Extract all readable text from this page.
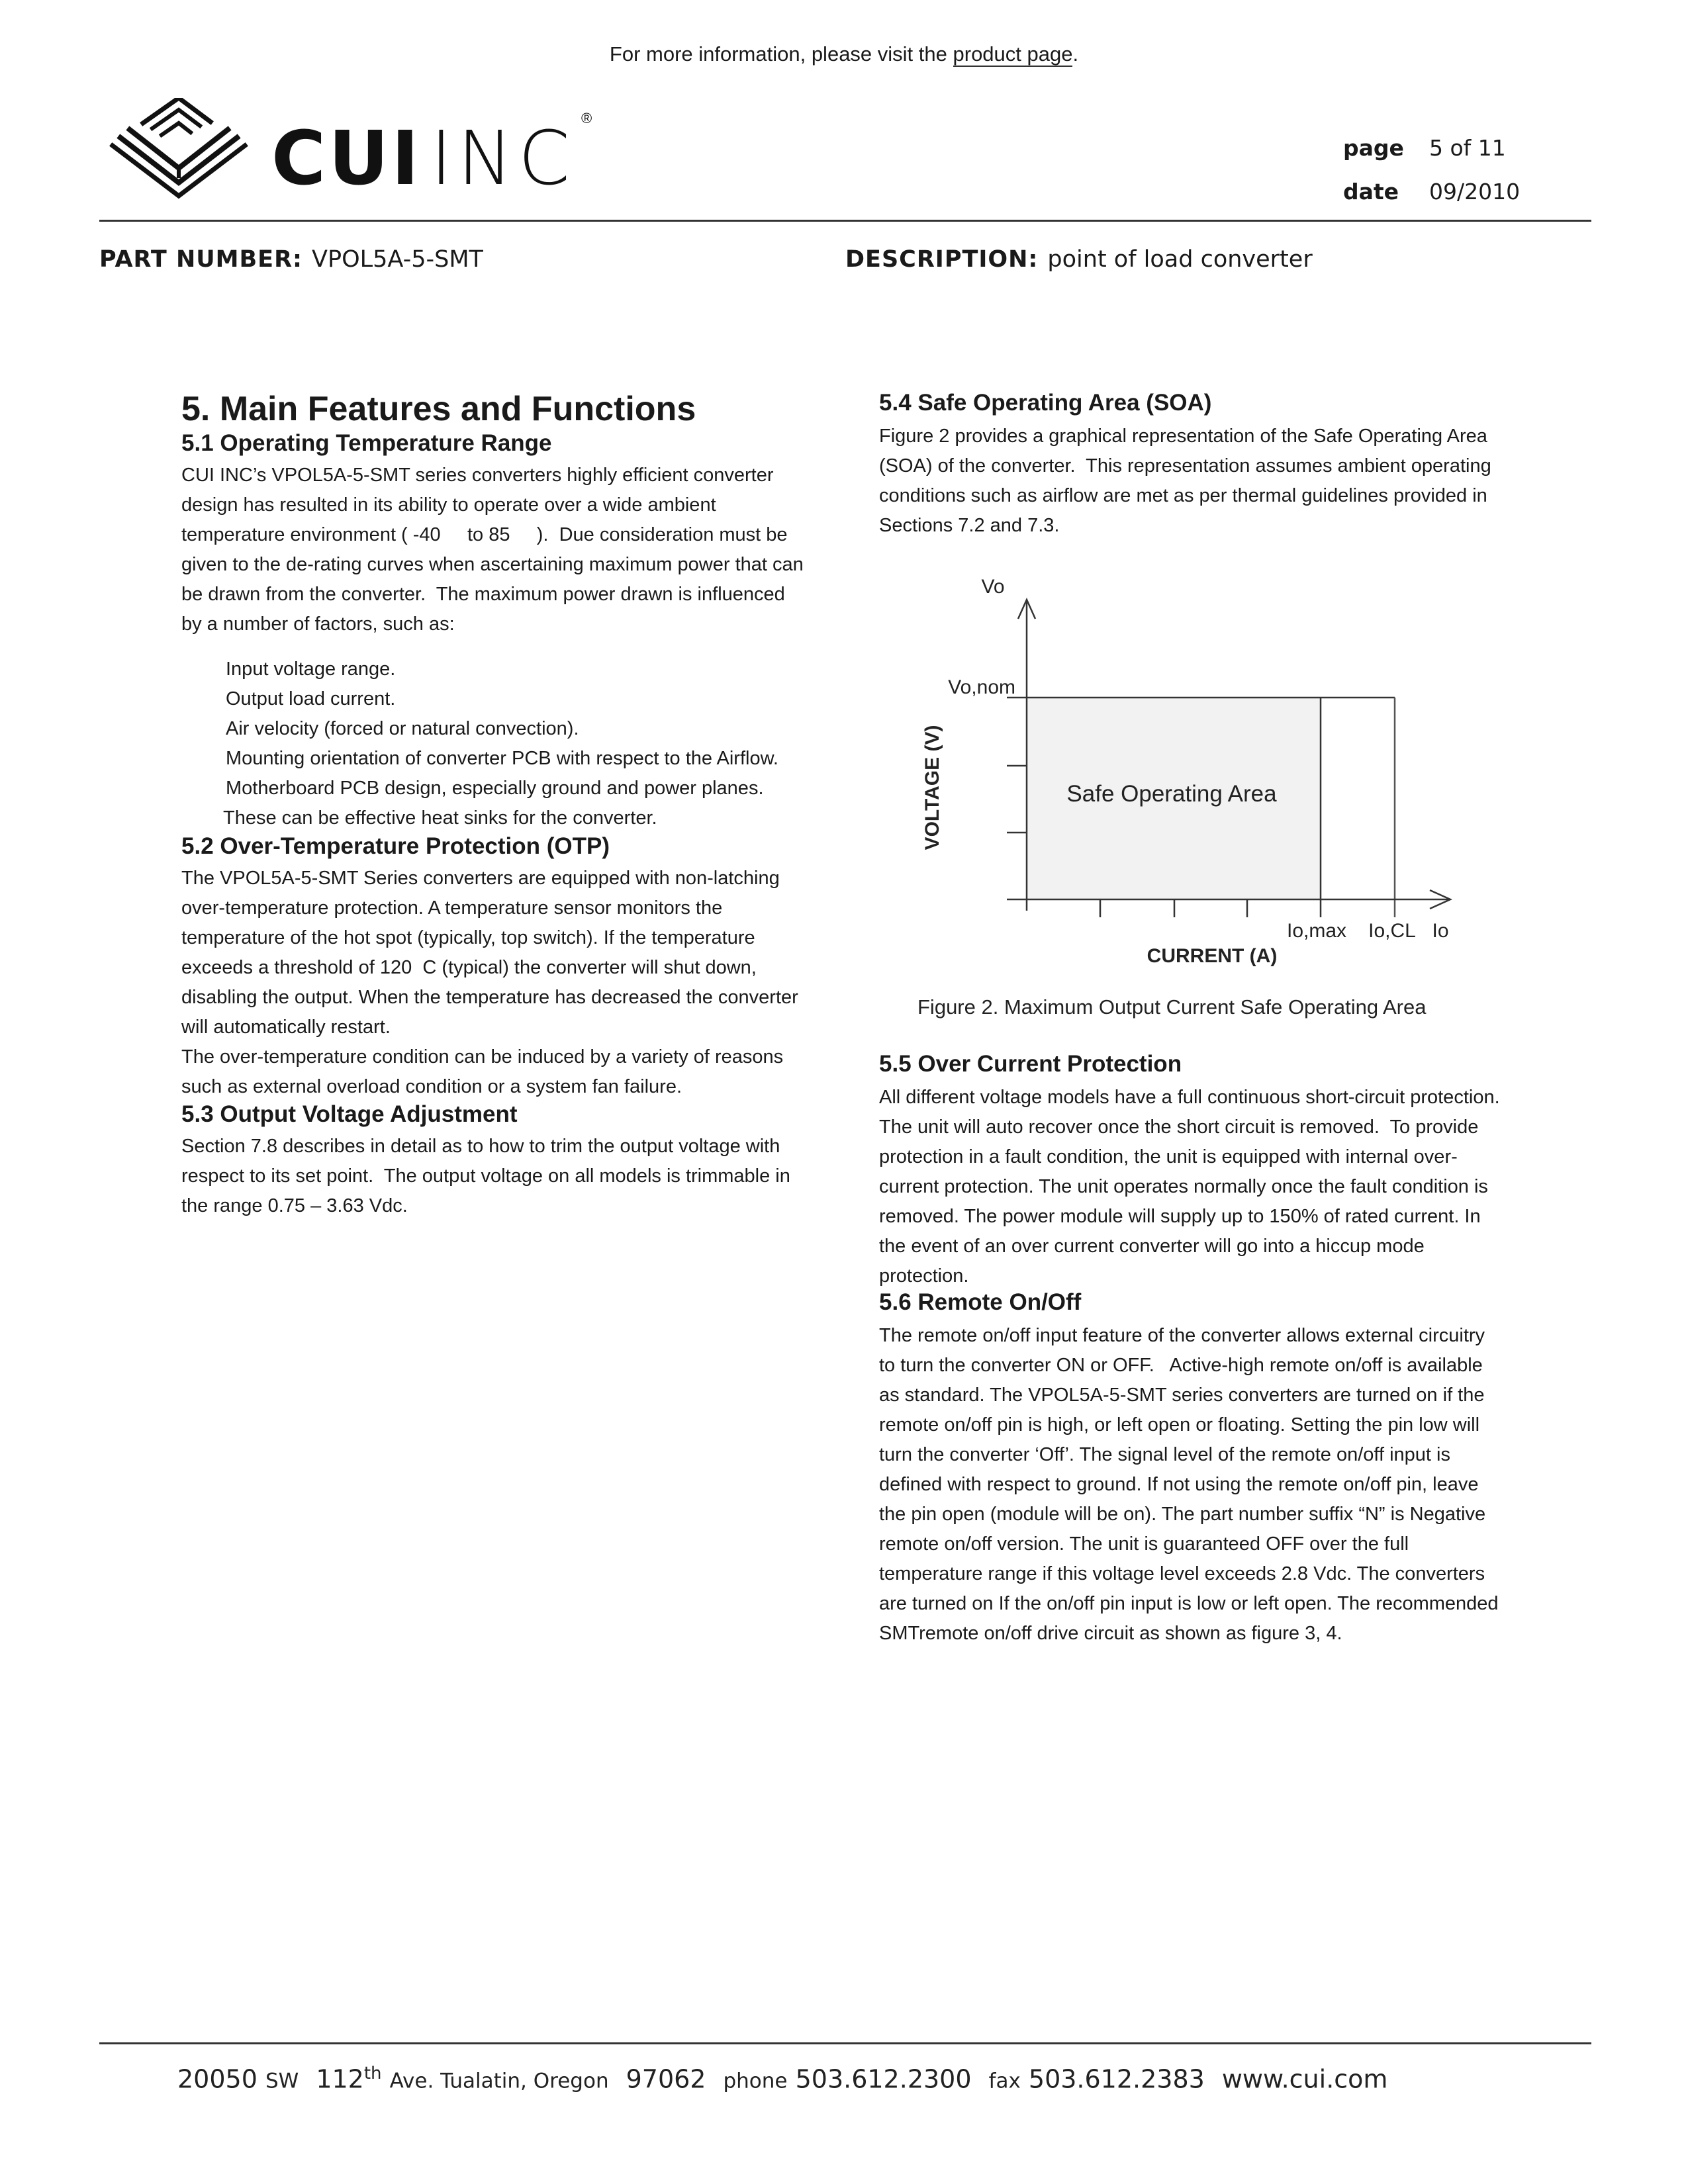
For more information, please visit the product page.
CUI INC ®
page 5 of 11
date 09/2010
PART NUMBER: VPOL5A-5-SMT	DESCRIPTION: point of load converter
5. Main Features and Functions
5.1 Operating Temperature Range
CUI INC’s VPOL5A-5-SMT series converters highly efficient converter
design has resulted in its ability to operate over a wide ambient
temperature environment ( -40     to 85     ).  Due consideration must be
given to the de-rating curves when ascertaining maximum power that can
be drawn from the converter.  The maximum power drawn is influenced
by a number of factors, such as:
Input voltage range.
Output load current.
Air velocity (forced or natural convection).
Mounting orientation of converter PCB with respect to the Airflow.
Motherboard PCB design, especially ground and power planes.
These can be effective heat sinks for the converter.
5.2 Over-Temperature Protection (OTP)
The VPOL5A-5-SMT Series converters are equipped with non-latching
over-temperature protection. A temperature sensor monitors the
temperature of the hot spot (typically, top switch). If the temperature
exceeds a threshold of 120  C (typical) the converter will shut down,
disabling the output. When the temperature has decreased the converter
will automatically restart.
The over-temperature condition can be induced by a variety of reasons
such as external overload condition or a system fan failure.
5.3 Output Voltage Adjustment
Section 7.8 describes in detail as to how to trim the output voltage with
respect to its set point.  The output voltage on all models is trimmable in
the range 0.75 – 3.63 Vdc.
5.4 Safe Operating Area (SOA)
Figure 2 provides a graphical representation of the Safe Operating Area
(SOA) of the converter.  This representation assumes ambient operating
conditions such as airflow are met as per thermal guidelines provided in
Sections 7.2 and 7.3.
Vo
Vo,nom
VOLTAGE (V)	Safe Operating Area
Io,max Io,CL Io
CURRENT (A)
Figure 2. Maximum Output Current Safe Operating Area
5.5 Over Current Protection
All different voltage models have a full continuous short-circuit protection.
The unit will auto recover once the short circuit is removed.  To provide
protection in a fault condition, the unit is equipped with internal over-
current protection. The unit operates normally once the fault condition is
removed. The power module will supply up to 150% of rated current. In
the event of an over current converter will go into a hiccup mode
protection.
5.6 Remote On/Off
The remote on/off input feature of the converter allows external circuitry
to turn the converter ON or OFF.   Active-high remote on/off is available
as standard. The VPOL5A-5-SMT series converters are turned on if the
remote on/off pin is high, or left open or floating. Setting the pin low will
turn the converter ‘Off’. The signal level of the remote on/off input is
defined with respect to ground. If not using the remote on/off pin, leave
the pin open (module will be on). The part number suffix “N” is Negative
remote on/off version. The unit is guaranteed OFF over the full
temperature range if this voltage level exceeds 2.8 Vdc. The converters
are turned on If the on/off pin input is low or left open. The recommended
SMTremote on/off drive circuit as shown as figure 3, 4.
20050 SW 112th Ave. Tualatin, Oregon 97062 phone 503.612.2300 fax 503.612.2383 www.cui.com
